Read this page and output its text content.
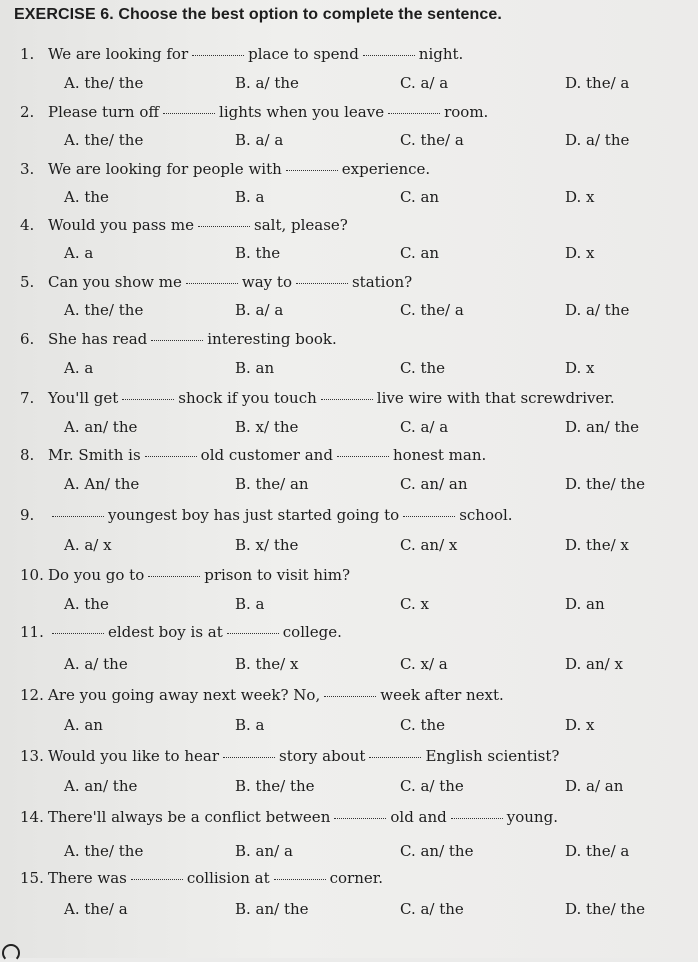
EXERCISE 6. Choose the best option to complete the sentence.
1. We are looking for	place to spend	night.
A. the/ the	B. a/ the	C. a/ a	D. the/ a
2. Please turn off	lights when you leave	room.
A. the/ the	B. a/ a	C. the/ a	D. a/ the
3. We are looking for people with	experience.
A. the	B. a	C. an	D. x
4. Would you pass me	salt, please?
A. a	B. the	C. an	D. x
5. Can you show me	way to	station?
A. the/ the	B. a/ a	C. the/ a	D. a/ the
6. She has read	interesting book.
A. a	B. an	C. the	D. x
7. You'll get	shock if you touch	live wire with that screwdriver.
A. an/ the	B. x/ the	C. a/ a	D. an/ the
8. Mr. Smith is	old customer and	honest man.
A. An/ the	B. the/ an	C. an/ an	D. the/ the
9.	youngest boy has just started going to	school.
A. a/ x	B. x/ the	C. an/ x	D. the/ x
10. Do you go to	prison to visit him?
A. the	B. a	C. x	D. an
11.	eldest boy is at	college.
A. a/ the	B. the/ x	C. x/ a	D. an/ x
12. Are you going away next week? No,	week after next.
A. an	B. a	C. the	D. x
13. Would you like to hear	story about	English scientist?
A. an/ the	B. the/ the	C. a/ the	D. a/ an
14. There'll always be a conflict between	old and	young.
A. the/ the	B. an/ a	C. an/ the	D. the/ a
15. There was	collision at	corner.
A. the/ a	B. an/ the	C. a/ the	D. the/ the
